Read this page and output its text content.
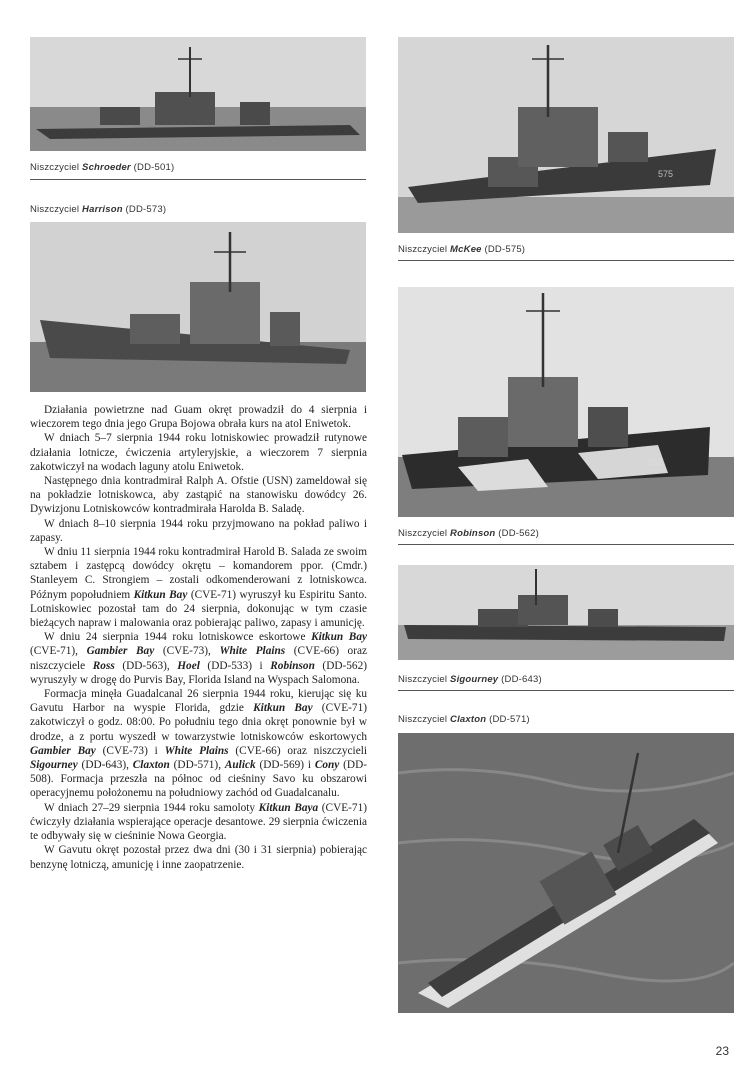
Niszczyciel Schroeder (DD-501)
Niszczyciel Harrison (DD-573)

Działania powietrzne nad Guam okręt prowadził do 4 sierpnia i wieczorem tego dnia jego Grupa Bojowa obrała kurs na atol Eniwetok.

W dniach 5–7 sierpnia 1944 roku lotniskowiec prowadził rutynowe działania lotnicze, ćwiczenia artyleryjskie, a wieczorem 7 sierpnia zakotwiczył na wodach laguny atolu Eniwetok.

Następnego dnia kontradmirał Ralph A. Ofstie (USN) zameldował się na pokładzie lotniskowca, aby zastąpić na stanowisku dowódcy 26. Dywizjonu Lotniskowców kontradmirała Harolda B. Saladę.

W dniach 8–10 sierpnia 1944 roku przyjmowano na pokład paliwo i zapasy.

W dniu 11 sierpnia 1944 roku kontradmirał Harold B. Salada ze swoim sztabem i zastępcą dowódcy okrętu – komandorem ppor. (Cmdr.) Stanleyem C. Strongiem – zostali odkomenderowani z lotniskowca. Późnym popołudniem Kitkun Bay (CVE-71) wyruszył ku Espiritu Santo. Lotniskowiec pozostał tam do 24 sierpnia, dokonując w tym czasie bieżących napraw i malowania oraz pobierając paliwo, zapasy i amunicję.

W dniu 24 sierpnia 1944 roku lotniskowce eskortowe Kitkun Bay (CVE-71), Gambier Bay (CVE-73), White Plains (CVE-66) oraz niszczyciele Ross (DD-563), Hoel (DD-533) i Robinson (DD-562) wyruszyły w drogę do Purvis Bay, Florida Island na Wyspach Salomona.

Formacja minęła Guadalcanal 26 sierpnia 1944 roku, kierując się ku Gavutu Harbor na wyspie Florida, gdzie Kitkun Bay (CVE-71) zakotwiczył o godz. 08:00. Po południu tego dnia okręt ponownie był w drodze, a z portu wyszedł w towarzystwie lotniskowców eskortowych Gambier Bay (CVE-73) i White Plains (CVE-66) oraz niszczycieli Sigourney (DD-643), Claxton (DD-571), Aulick (DD-569) i Cony (DD-508). Formacja przeszła na północ od cieśniny Savo ku obszarowi operacyjnemu położonemu na południowy zachód od Guadalcanalu.

W dniach 27–29 sierpnia 1944 roku samoloty Kitkun Baya (CVE-71) ćwiczyły działania wspierające operacje desantowe. 29 sierpnia ćwiczenia te odbywały się w cieśninie Nowa Georgia.

W Gavutu okręt pozostał przez dwa dni (30 i 31 sierpnia) pobierając benzynę lotniczą, amunicję i inne zaopatrzenie.

575
Niszczyciel McKee (DD-575)
562
Niszczyciel Robinson (DD-562)
Niszczyciel Sigourney (DD-643)
Niszczyciel Claxton (DD-571)
23
